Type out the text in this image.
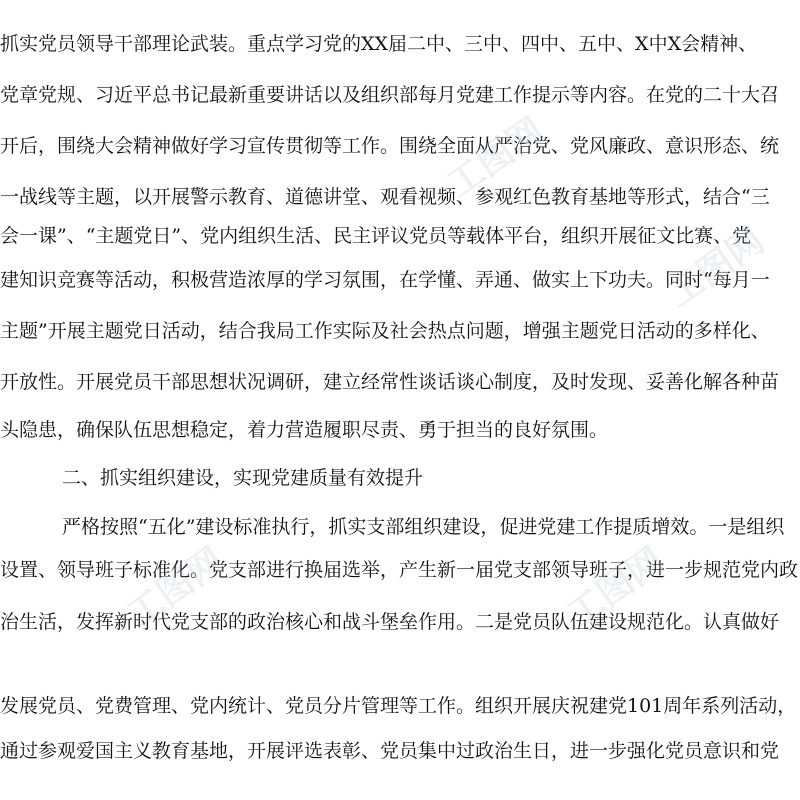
抓实党员领导干部理论武装。重点学习党的XX届二中、三中、四中、五中、X中X会精神、
党章党规、习近平总书记最新重要讲话以及组织部每月党建工作提示等内容。在党的二十大召
开后，围绕大会精神做好学习宣传贯彻等工作。围绕全面从严治党、党风廉政、意识形态、统
一战线等主题，以开展警示教育、道德讲堂、观看视频、参观红色教育基地等形式，结合“三
会一课”、“主题党日”、党内组织生活、民主评议党员等载体平台，组织开展征文比赛、党
建知识竞赛等活动，积极营造浓厚的学习氛围，在学懂、弄通、做实上下功夫。同时“每月一
主题”开展主题党日活动，结合我局工作实际及社会热点问题，增强主题党日活动的多样化、
开放性。开展党员干部思想状况调研，建立经常性谈话谈心制度，及时发现、妥善化解各种苗
头隐患，确保队伍思想稳定，着力营造履职尽责、勇于担当的良好氛围。
二、抓实组织建设，实现党建质量有效提升
严格按照“五化”建设标准执行，抓实支部组织建设，促进党建工作提质增效。一是组织
设置、领导班子标准化。党支部进行换届选举，产生新一届党支部领导班子，进一步规范党内政
治生活，发挥新时代党支部的政治核心和战斗堡垒作用。二是党员队伍建设规范化。认真做好
发展党员、党费管理、党内统计、党员分片管理等工作。组织开展庆祝建党101周年系列活动，
通过参观爱国主义教育基地，开展评选表彰、党员集中过政治生日，进一步强化党员意识和党
工图网
工图网
工图网
工图网
